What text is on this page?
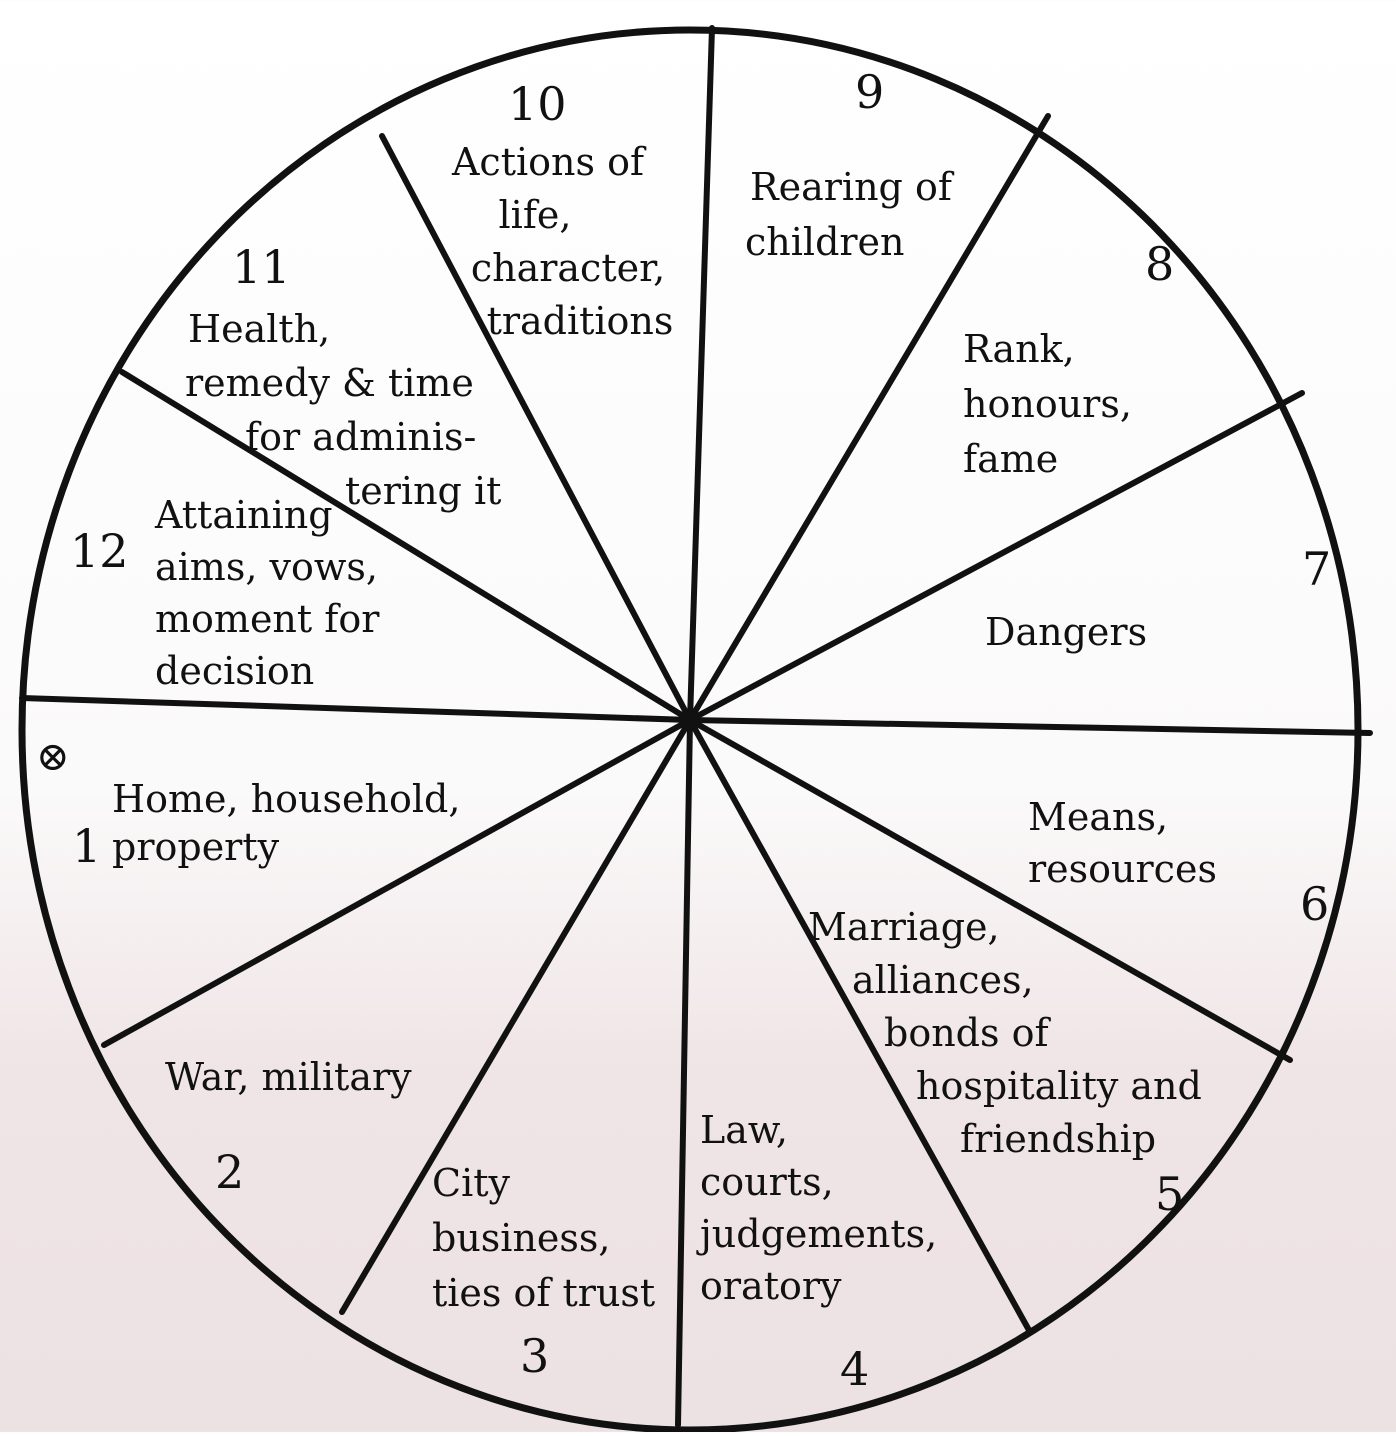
1
Home, household,
property
2
War, military
3
City
business,
ties of trust
4
Law,
courts,
judgements,
oratory
5
Marriage,
alliances,
bonds of
hospitality and
friendship
6
Means,
resources
7
Dangers
8
Rank,
honours,
fame
9
Rearing of
children
10
Actions of
life,
character,
traditions
11
Health,
remedy & time
for adminis-
tering it
12
Attaining
aims, vows,
moment for
decision
⊗
